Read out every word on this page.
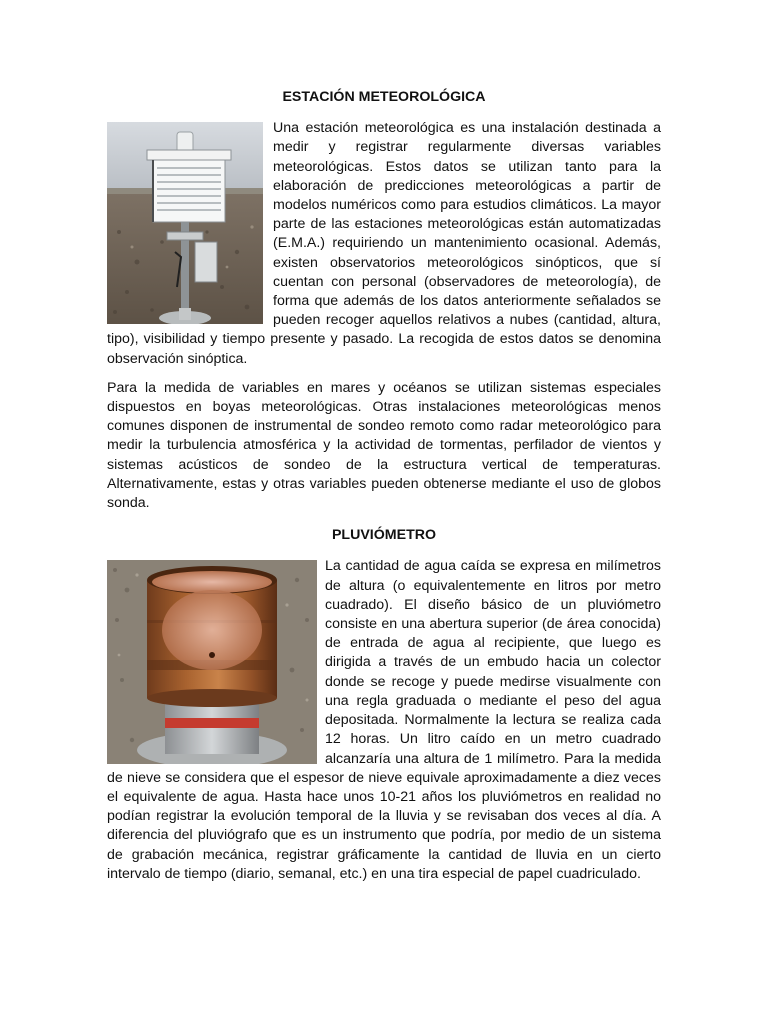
ESTACIÓN METEOROLÓGICA

Una estación meteorológica es una instalación destinada a medir y registrar regularmente diversas variables meteorológicas. Estos datos se utilizan tanto para la elaboración de predicciones meteorológicas a partir de modelos numéricos como para estudios climáticos. La mayor parte de las estaciones meteorológicas están automatizadas (E.M.A.) requiriendo un mantenimiento ocasional. Además, existen observatorios meteorológicos sinópticos, que sí cuentan con personal (observadores de meteorología), de forma que además de los datos anteriormente señalados se pueden recoger aquellos relativos a nubes (cantidad, altura, tipo), visibilidad y tiempo presente y pasado. La recogida de estos datos se denomina observación sinóptica.

Para la medida de variables en mares y océanos se utilizan sistemas especiales dispuestos en boyas meteorológicas. Otras instalaciones meteorológicas menos comunes disponen de instrumental de sondeo remoto como radar meteorológico para medir la turbulencia atmosférica y la actividad de tormentas, perfilador de vientos y sistemas acústicos de sondeo de la estructura vertical de temperaturas. Alternativamente, estas y otras variables pueden obtenerse mediante el uso de globos sonda.

PLUVIÓMETRO

La cantidad de agua caída se expresa en milímetros de altura (o equivalentemente en litros por metro cuadrado). El diseño básico de un pluviómetro consiste en una abertura superior (de área conocida) de entrada de agua al recipiente, que luego es dirigida a través de un embudo hacia un colector donde se recoge y puede medirse visualmente con una regla graduada o mediante el peso del agua depositada. Normalmente la lectura se realiza cada 12 horas. Un litro caído en un metro cuadrado alcanzaría una altura de 1 milímetro. Para la medida de nieve se considera que el espesor de nieve equivale aproximadamente a diez veces el equivalente de agua. Hasta hace unos 10-21 años los pluviómetros en realidad no podían registrar la evolución temporal de la lluvia y se revisaban dos veces al día. A diferencia del pluviógrafo que es un instrumento que podría, por medio de un sistema de grabación mecánica, registrar gráficamente la cantidad de lluvia en un cierto intervalo de tiempo (diario, semanal, etc.) en una tira especial de papel cuadriculado.
